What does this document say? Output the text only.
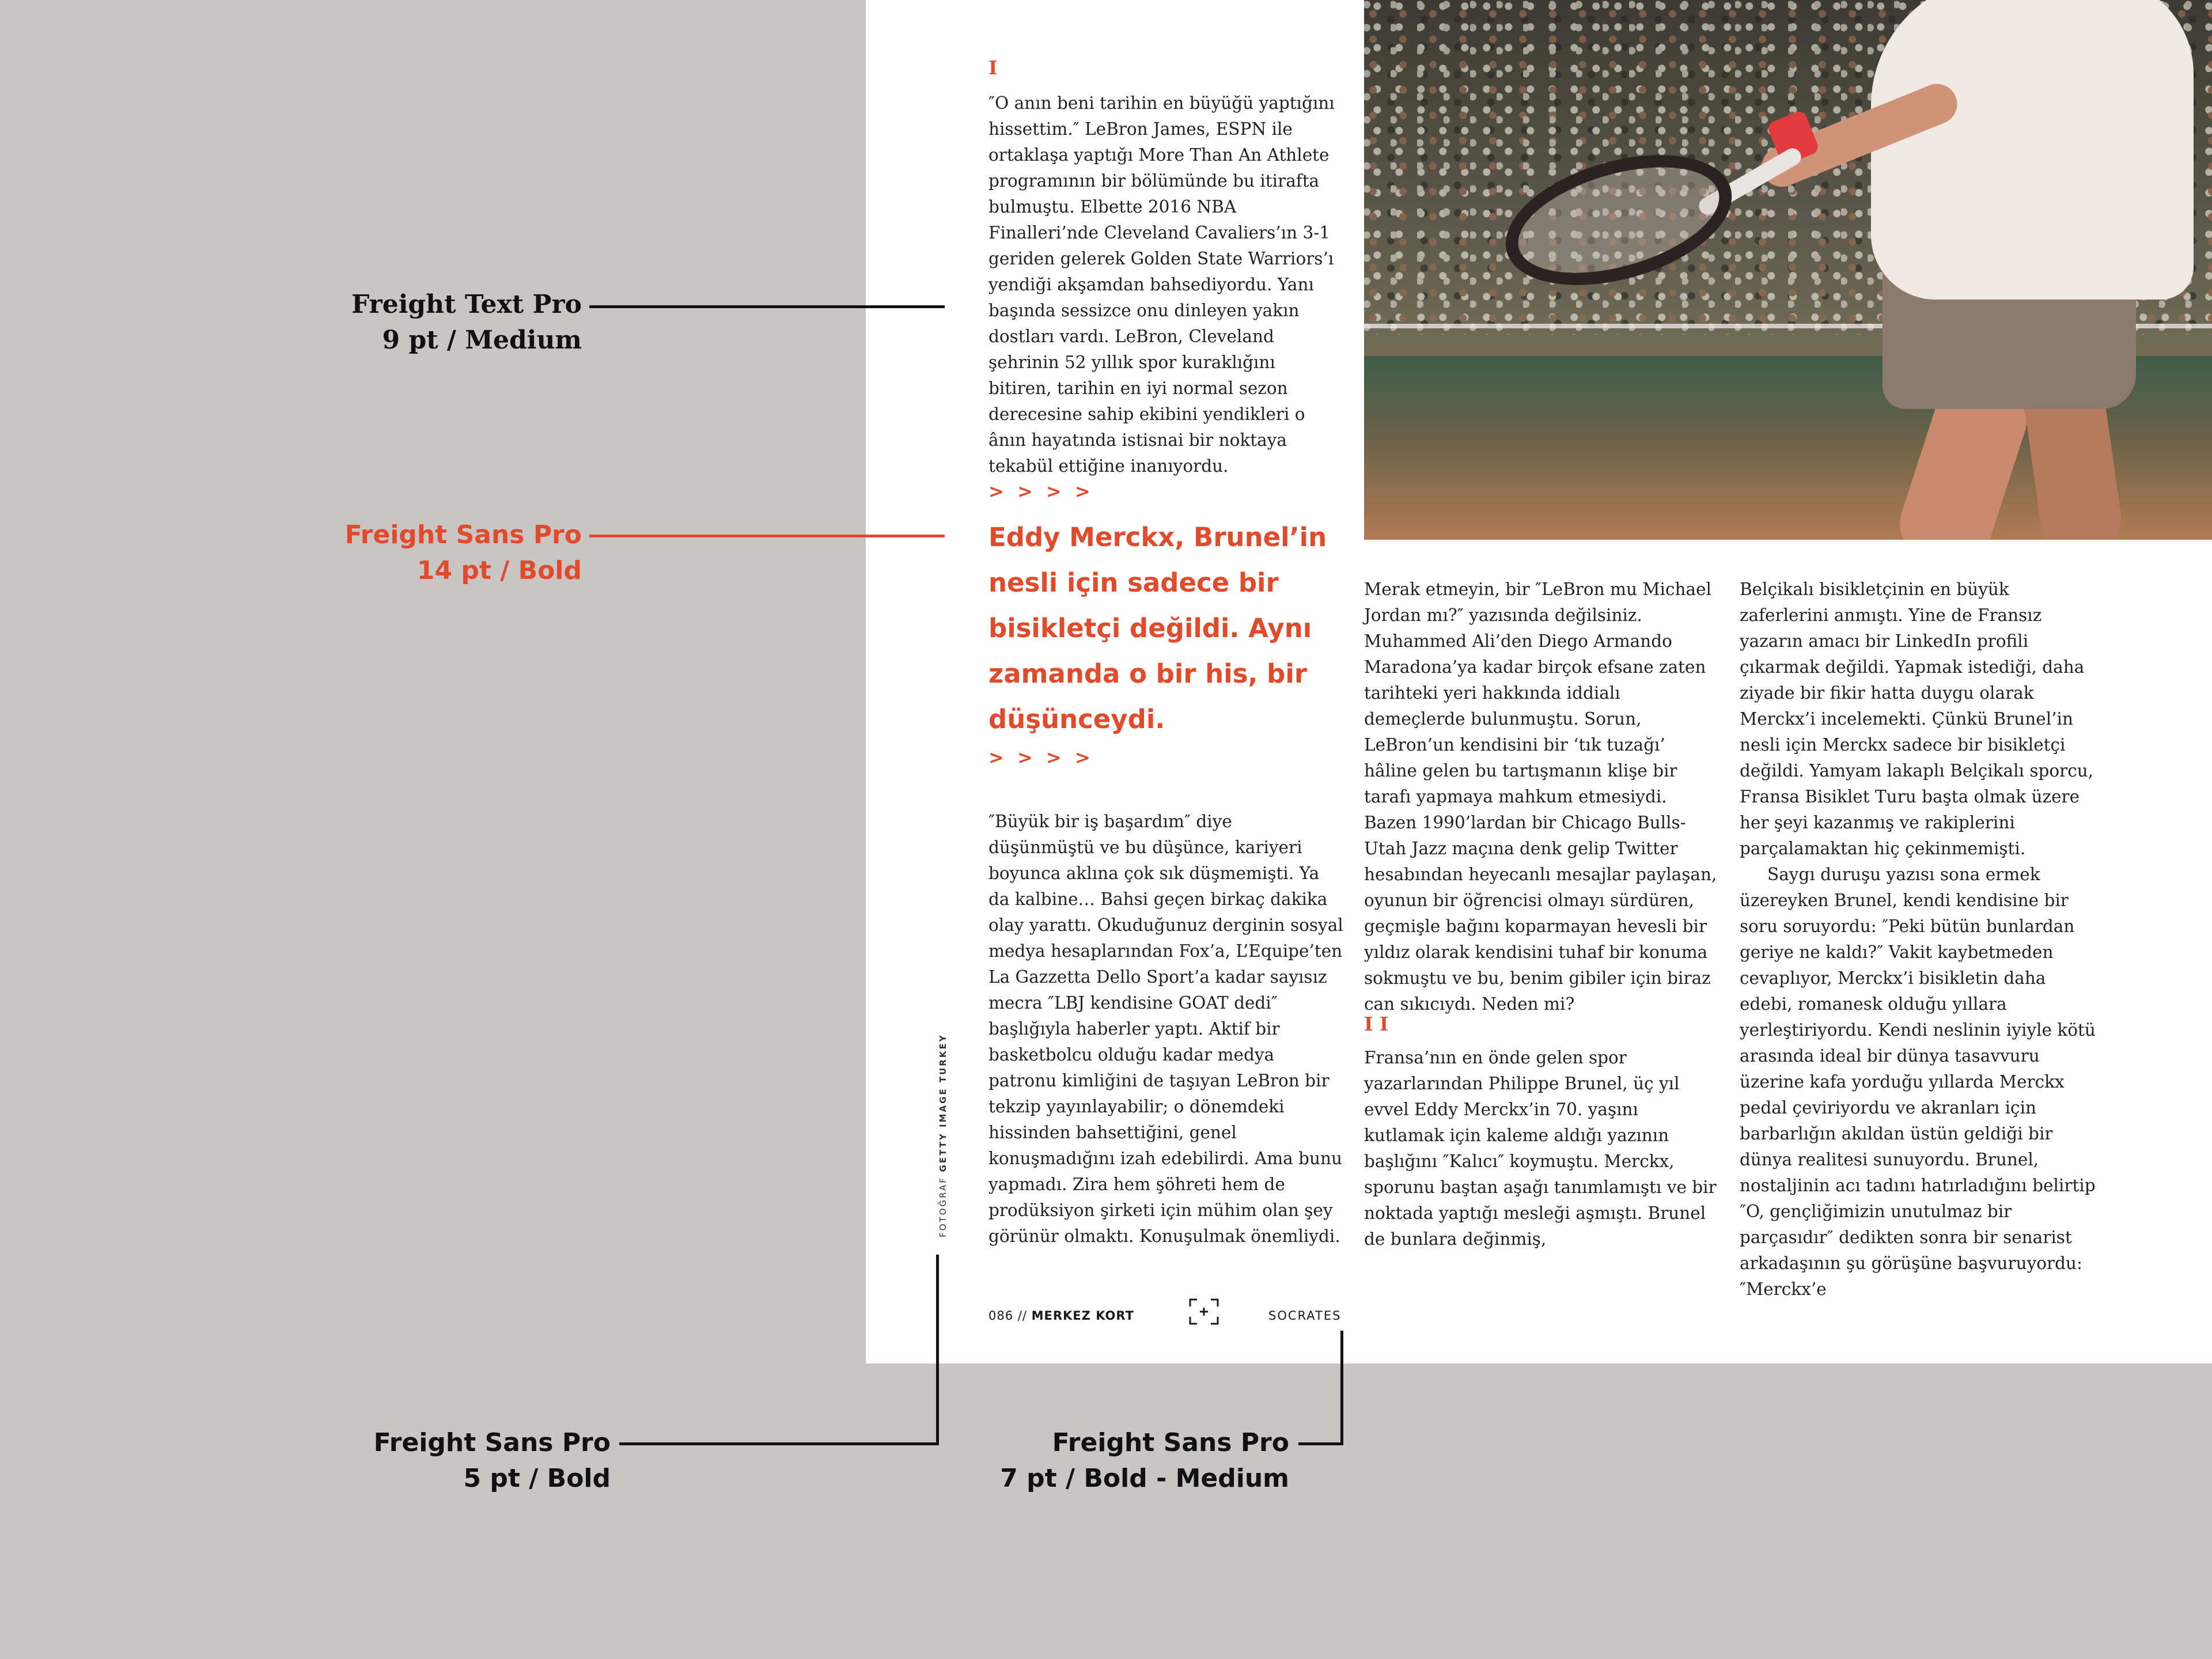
I
″O anın beni tarihin en büyüğü yaptığını hissettim.″ LeBron James, ESPN ile ortaklaşa yaptığı More Than An Athlete programının bir bölümünde bu itirafta bulmuştu. Elbette 2016 NBA Finalleri’nde Cleveland Cavaliers’ın 3-1 geriden gelerek Golden State Warriors’ı yendiği akşamdan bahsediyordu. Yanı başında sessizce onu dinleyen yakın dostları vardı. LeBron, Cleveland şehrinin 52 yıllık spor kuraklığını bitiren, tarihin en iyi normal sezon derecesine sahip ekibini yendikleri o ânın hayatında istisnai bir noktaya tekabül ettiğine inanıyordu.
> > > >
Eddy Merckx, Brunel’in nesli için sadece bir bisikletçi değildi. Aynı zamanda o bir his, bir düşünceydi.
> > > >
″Büyük bir iş başardım″ diye düşünmüştü ve bu düşünce, kariyeri boyunca aklına çok sık düşmemişti. Ya da kalbine… Bahsi geçen birkaç dakika olay yarattı. Okuduğunuz derginin sosyal medya hesaplarından Fox’a, L’Equipe’ten La Gazzetta Dello Sport’a kadar sayısız mecra ″LBJ kendisine GOAT dedi″ başlığıyla haberler yaptı. Aktif bir basketbolcu olduğu kadar medya patronu kimliğini de taşıyan LeBron bir tekzip yayınlayabilir; o dönemdeki hissinden bahsettiğini, genel konuşmadığını izah edebilirdi. Ama bunu yapmadı. Zira hem şöhreti hem de prodüksiyon şirketi için mühim olan şey görünür olmaktı. Konuşulmak önemliydi.
Merak etmeyin, bir ″LeBron mu Michael Jordan mı?″ yazısında değilsiniz. Muhammed Ali’den Diego Armando Maradona’ya kadar birçok efsane zaten tarihteki yeri hakkında iddialı demeçlerde bulunmuştu. Sorun, LeBron’un kendisini bir ‘tık tuzağı’ hâline gelen bu tartışmanın klişe bir tarafı yapmaya mahkum etmesiydi. Bazen 1990’lardan bir Chicago Bulls-Utah Jazz maçına denk gelip Twitter hesabından heyecanlı mesajlar paylaşan, oyunun bir öğrencisi olmayı sürdüren, geçmişle bağını koparmayan hevesli bir yıldız olarak kendisini tuhaf bir konuma sokmuştu ve bu, benim gibiler için biraz can sıkıcıydı. Neden mi?
I I
Fransa’nın en önde gelen spor yazarlarından Philippe Brunel, üç yıl evvel Eddy Merckx’in 70. yaşını kutlamak için kaleme aldığı yazının başlığını ″Kalıcı″ koymuştu. Merckx, sporunu baştan aşağı tanımlamıştı ve bir noktada yaptığı mesleği aşmıştı. Brunel de bunlara değinmiş,
Belçikalı bisikletçinin en büyük zaferlerini anmıştı. Yine de Fransız yazarın amacı bir LinkedIn profili çıkarmak değildi. Yapmak istediği, daha ziyade bir fikir hatta duygu olarak Merckx’i incelemekti. Çünkü Brunel’in nesli için Merckx sadece bir bisikletçi değildi. Yamyam lakaplı Belçikalı sporcu, Fransa Bisiklet Turu başta olmak üzere her şeyi kazanmış ve rakiplerini parçalamaktan hiç çekinmemişti.
Saygı duruşu yazısı sona ermek üzereyken Brunel, kendi kendisine bir soru soruyordu: ″Peki bütün bunlardan geriye ne kaldı?″ Vakit kaybetmeden cevaplıyor, Merckx’i bisikletin daha edebi, romanesk olduğu yıllara yerleştiriyordu. Kendi neslinin iyiyle kötü arasında ideal bir dünya tasavvuru üzerine kafa yorduğu yıllarda Merckx pedal çeviriyordu ve akranları için barbarlığın akıldan üstün geldiği bir dünya realitesi sunuyordu. Brunel, nostaljinin acı tadını hatırladığını belirtip ″O, gençliğimizin unutulmaz bir parçasıdır″ dedikten sonra bir senarist arkadaşının şu görüşüne başvuruyordu: ″Merckx’e
FOTOĞRAF GETTY IMAGE TURKEY
086 // MERKEZ KORT	SOCRATES
Freight Text Pro
9 pt / Medium
Freight Sans Pro
14 pt / Bold
Freight Sans Pro
5 pt / Bold
Freight Sans Pro
7 pt / Bold - Medium
